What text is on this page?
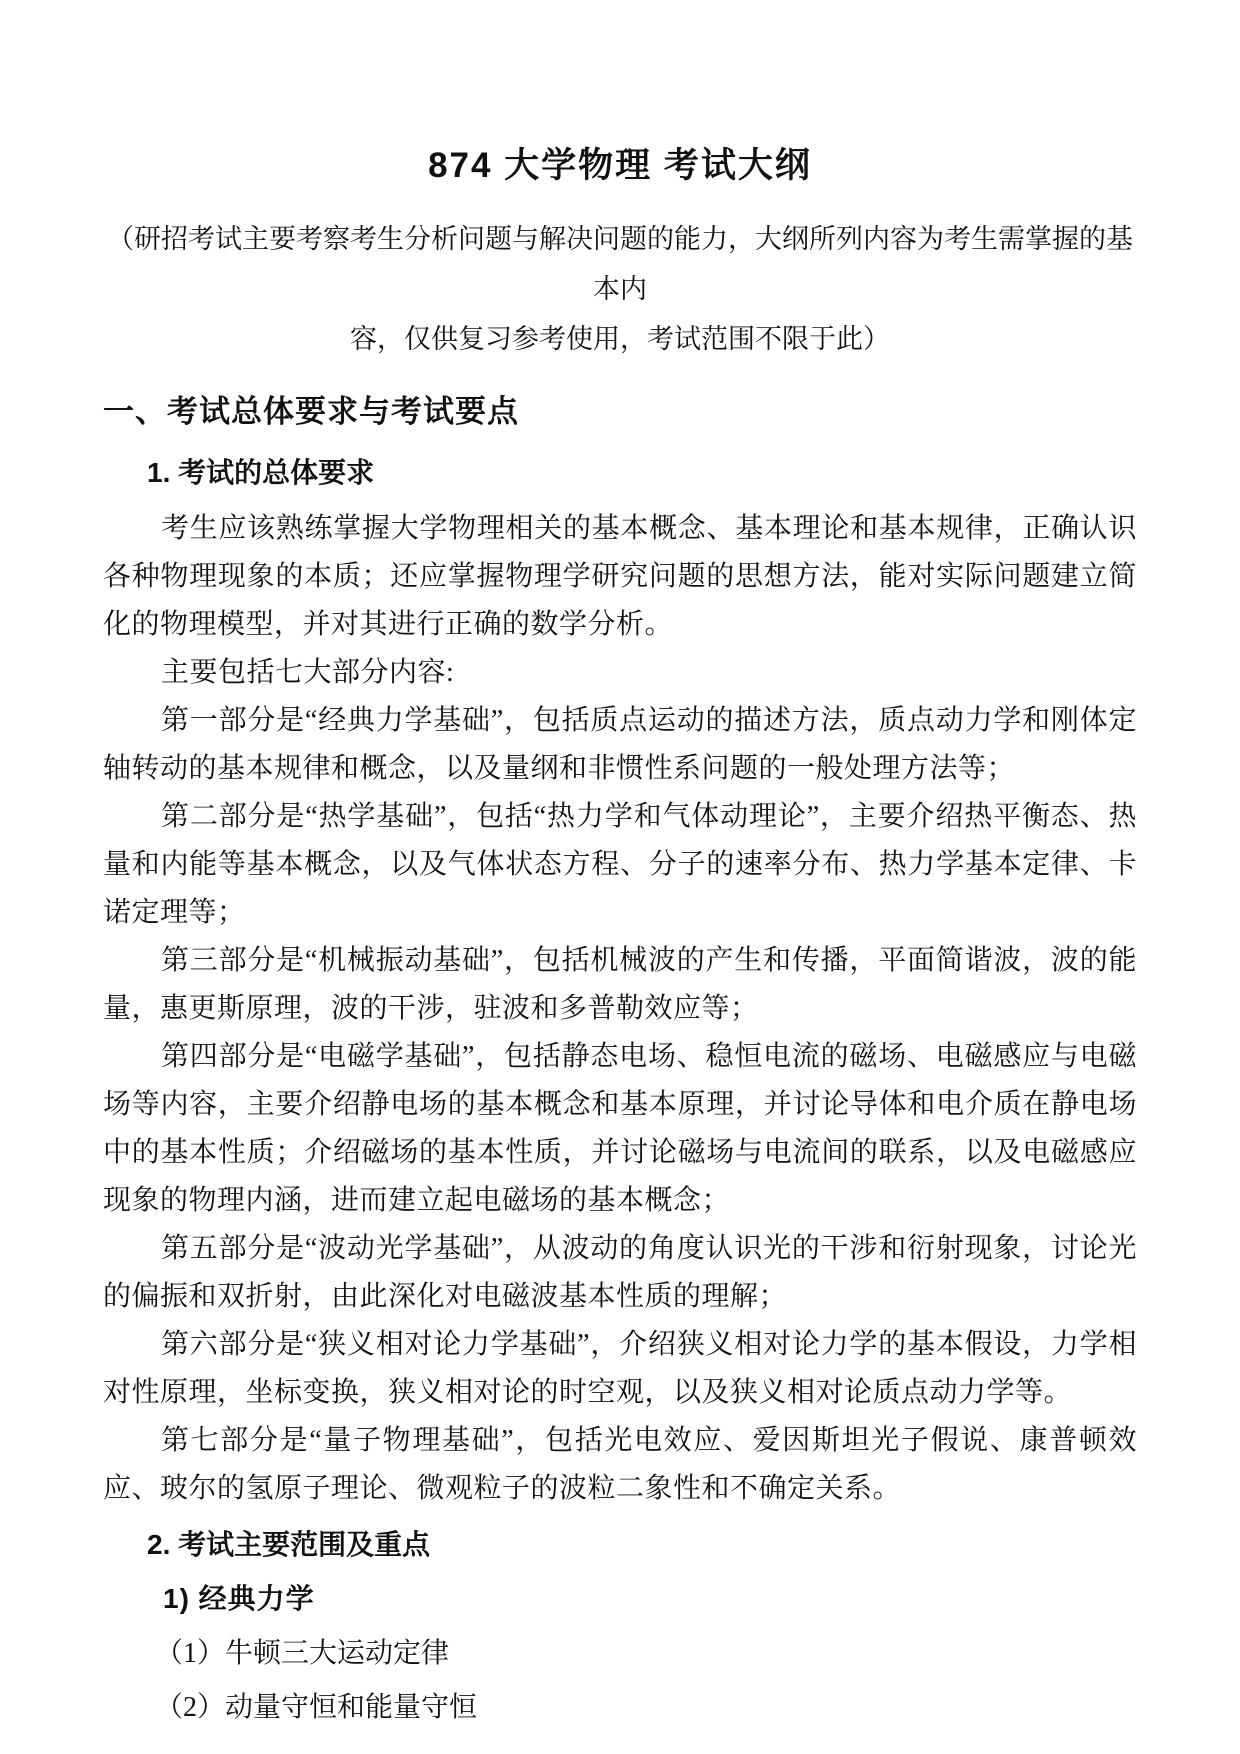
874 大学物理 考试大纲
（研招考试主要考察考生分析问题与解决问题的能力，大纲所列内容为考生需掌握的基本内
容，仅供复习参考使用，考试范围不限于此）
一、考试总体要求与考试要点
1. 考试的总体要求

考生应该熟练掌握大学物理相关的基本概念、基本理论和基本规律，正确认识各种物理现象的本质；还应掌握物理学研究问题的思想方法，能对实际问题建立简化的物理模型，并对其进行正确的数学分析。

主要包括七大部分内容:

第一部分是“经典力学基础”，包括质点运动的描述方法，质点动力学和刚体定轴转动的基本规律和概念，以及量纲和非惯性系问题的一般处理方法等；

第二部分是“热学基础”，包括“热力学和气体动理论”，主要介绍热平衡态、热量和内能等基本概念，以及气体状态方程、分子的速率分布、热力学基本定律、卡诺定理等；

第三部分是“机械振动基础”，包括机械波的产生和传播，平面简谐波，波的能量，惠更斯原理，波的干涉，驻波和多普勒效应等；

第四部分是“电磁学基础”，包括静态电场、稳恒电流的磁场、电磁感应与电磁场等内容，主要介绍静电场的基本概念和基本原理，并讨论导体和电介质在静电场中的基本性质；介绍磁场的基本性质，并讨论磁场与电流间的联系，以及电磁感应现象的物理内涵，进而建立起电磁场的基本概念；

第五部分是“波动光学基础”，从波动的角度认识光的干涉和衍射现象，讨论光的偏振和双折射，由此深化对电磁波基本性质的理解；

第六部分是“狭义相对论力学基础”，介绍狭义相对论力学的基本假设，力学相对性原理，坐标变换，狭义相对论的时空观，以及狭义相对论质点动力学等。

第七部分是“量子物理基础”，包括光电效应、爱因斯坦光子假说、康普顿效应、玻尔的氢原子理论、微观粒子的波粒二象性和不确定关系。

2. 考试主要范围及重点
1) 经典力学
（1）牛顿三大运动定律
（2）动量守恒和能量守恒
